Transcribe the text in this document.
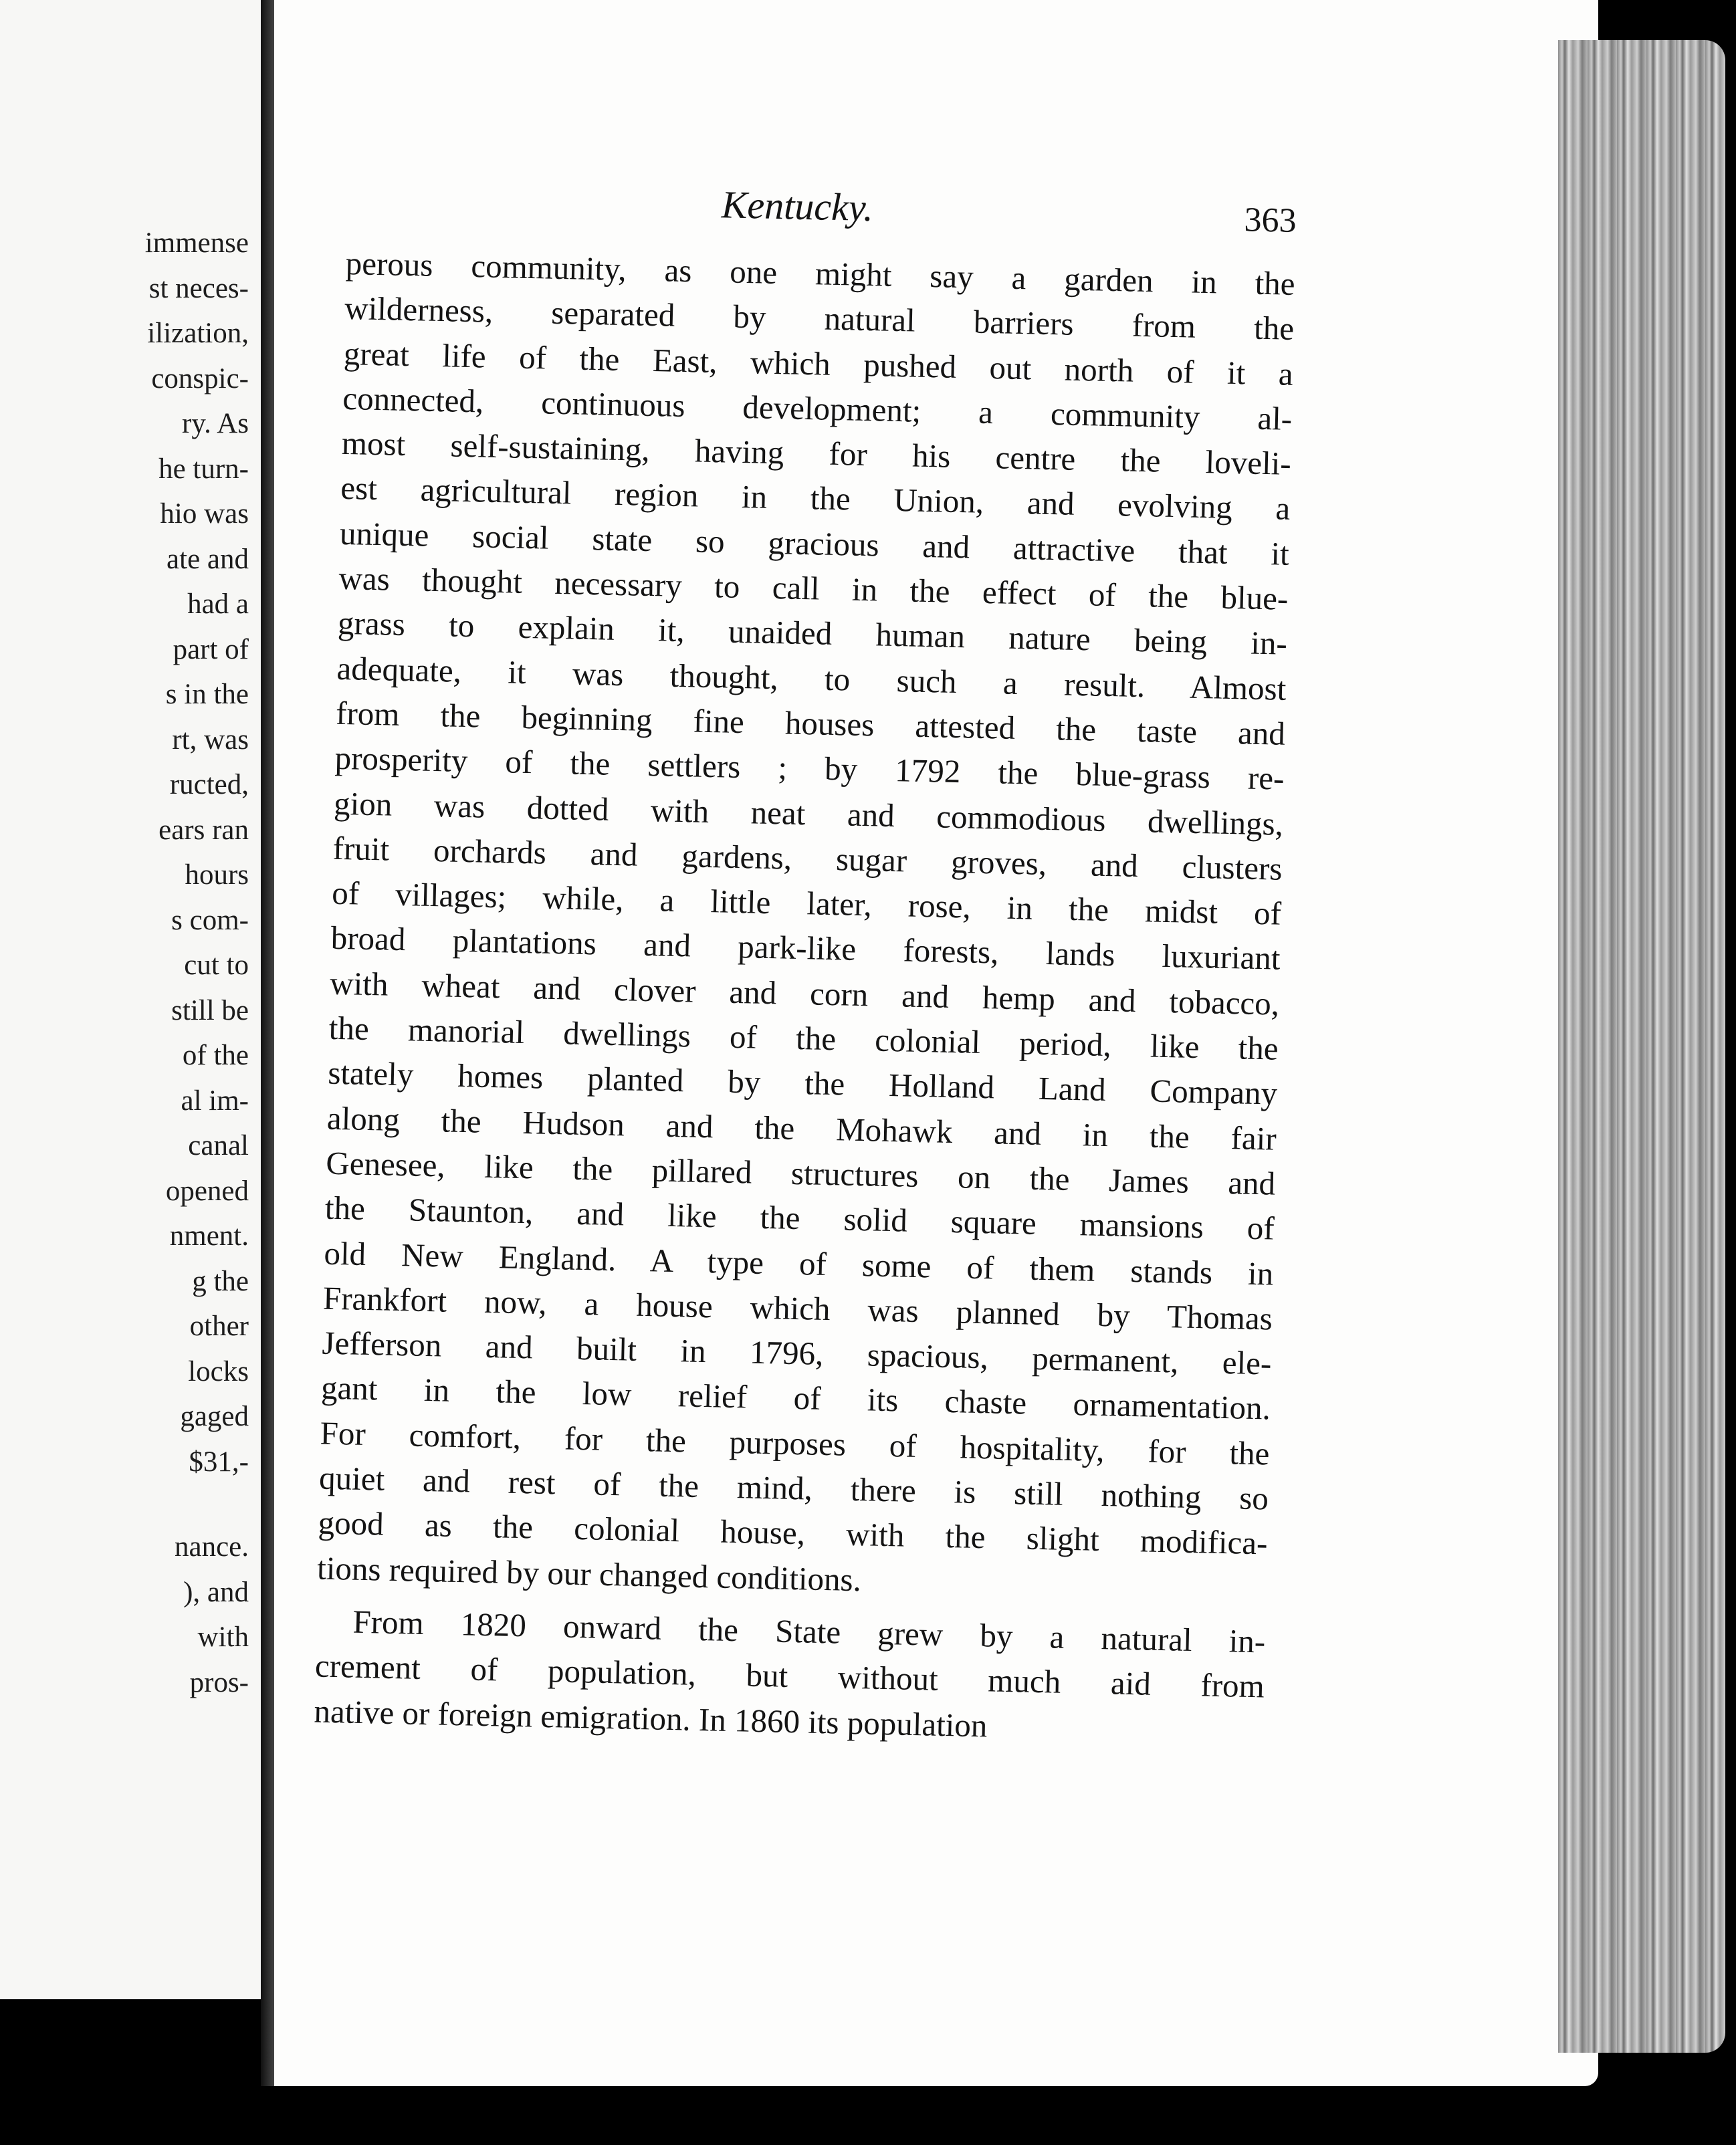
immense
st neces-
ilization,
conspic-
ry. As
he turn-
hio was
ate and
had a
part of
s in the
rt, was
ructed,
ears ran
hours
s com-
cut to
still be
of the
al im-
canal
opened
nment.
g the
other
locks
gaged
$31,-
nance.
), and
with
pros-
Kentucky.	363

perous community, as one might say a garden in the
wilderness, separated by natural barriers from the
great life of the East, which pushed out north of it a
connected, continuous development; a community al-
most self-sustaining, having for his centre the loveli-
est agricultural region in the Union, and evolving a
unique social state so gracious and attractive that it
was thought necessary to call in the effect of the blue-
grass to explain it, unaided human nature being in-
adequate, it was thought, to such a result. Almost
from the beginning fine houses attested the taste and
prosperity of the settlers ; by 1792 the blue-grass re-
gion was dotted with neat and commodious dwellings,
fruit orchards and gardens, sugar groves, and clusters
of villages; while, a little later, rose, in the midst of
broad plantations and park-like forests, lands luxuriant
with wheat and clover and corn and hemp and tobacco,
the manorial dwellings of the colonial period, like the
stately homes planted by the Holland Land Company
along the Hudson and the Mohawk and in the fair
Genesee, like the pillared structures on the James and
the Staunton, and like the solid square mansions of
old New England. A type of some of them stands in
Frankfort now, a house which was planned by Thomas
Jefferson and built in 1796, spacious, permanent, ele-
gant in the low relief of its chaste ornamentation.
For comfort, for the purposes of hospitality, for the
quiet and rest of the mind, there is still nothing so
good as the colonial house, with the slight modifica-
tions required by our changed conditions.

From 1820 onward the State grew by a natural in-
crement of population, but without much aid from
native or foreign emigration. In 1860 its population
